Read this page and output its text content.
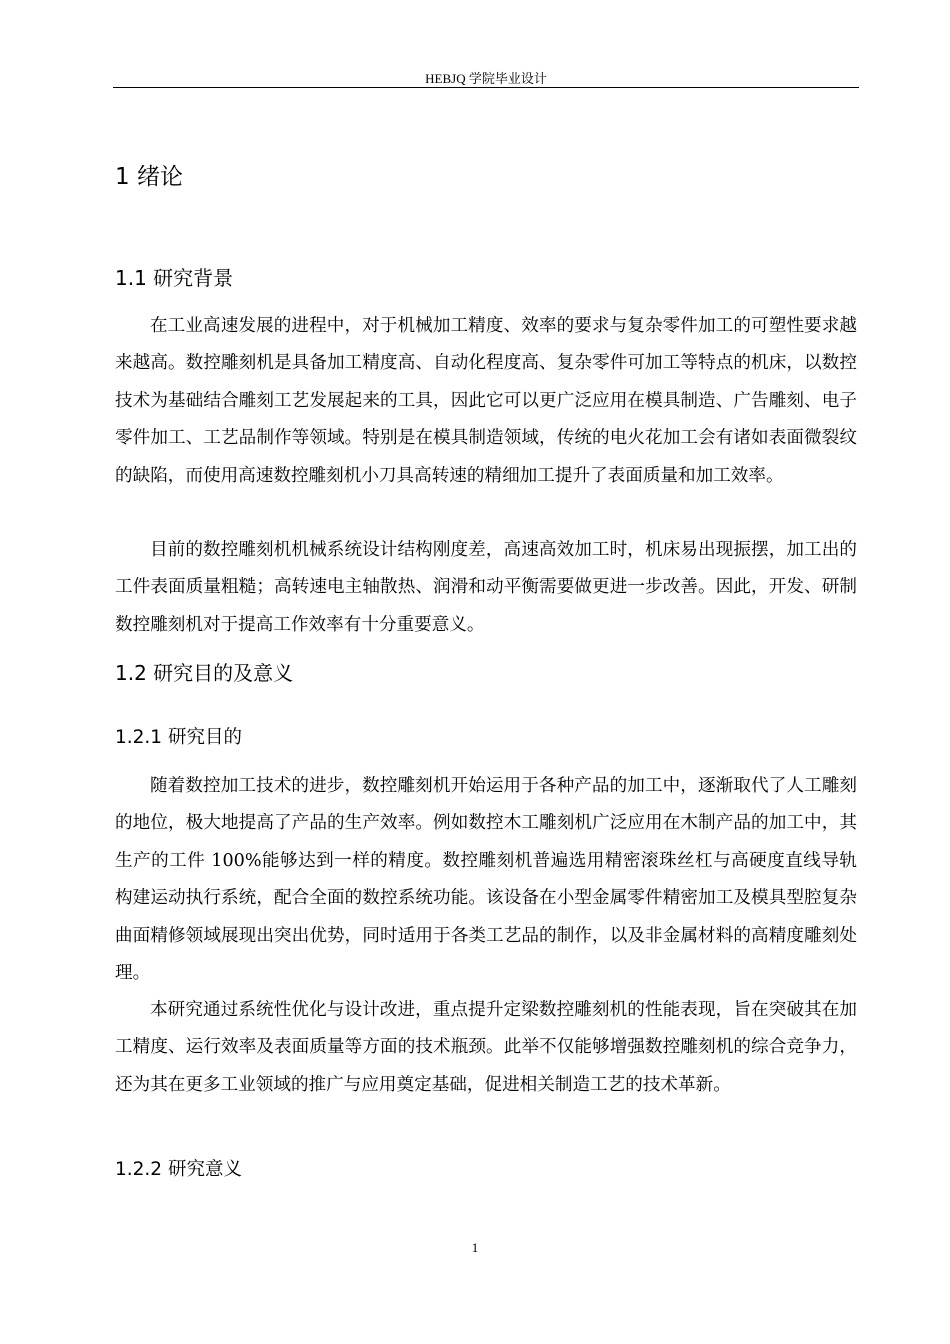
HEBJQ 学院毕业设计
1 绪论
1.1 研究背景

在工业高速发展的进程中，对于机械加工精度、效率的要求与复杂零件加工的可塑性要求越来越高。数控雕刻机是具备加工精度高、自动化程度高、复杂零件可加工等特点的机床，以数控技术为基础结合雕刻工艺发展起来的工具，因此它可以更广泛应用在模具制造、广告雕刻、电子零件加工、工艺品制作等领域。特别是在模具制造领域，传统的电火花加工会有诸如表面微裂纹的缺陷，而使用高速数控雕刻机小刀具高转速的精细加工提升了表面质量和加工效率。

目前的数控雕刻机机械系统设计结构刚度差，高速高效加工时，机床易出现振摆，加工出的工件表面质量粗糙；高转速电主轴散热、润滑和动平衡需要做更进一步改善。因此，开发、研制数控雕刻机对于提高工作效率有十分重要意义。

1.2 研究目的及意义
1.2.1 研究目的

随着数控加工技术的进步，数控雕刻机开始运用于各种产品的加工中，逐渐取代了人工雕刻的地位，极大地提高了产品的生产效率。例如数控木工雕刻机广泛应用在木制产品的加工中，其生产的工件 100%能够达到一样的精度。数控雕刻机普遍选用精密滚珠丝杠与高硬度直线导轨构建运动执行系统，配合全面的数控系统功能。该设备在小型金属零件精密加工及模具型腔复杂曲面精修领域展现出突出优势，同时适用于各类工艺品的制作，以及非金属材料的高精度雕刻处理。

本研究通过系统性优化与设计改进，重点提升定梁数控雕刻机的性能表现，旨在突破其在加工精度、运行效率及表面质量等方面的技术瓶颈。此举不仅能够增强数控雕刻机的综合竞争力，还为其在更多工业领域的推广与应用奠定基础，促进相关制造工艺的技术革新。

1.2.2 研究意义
1
